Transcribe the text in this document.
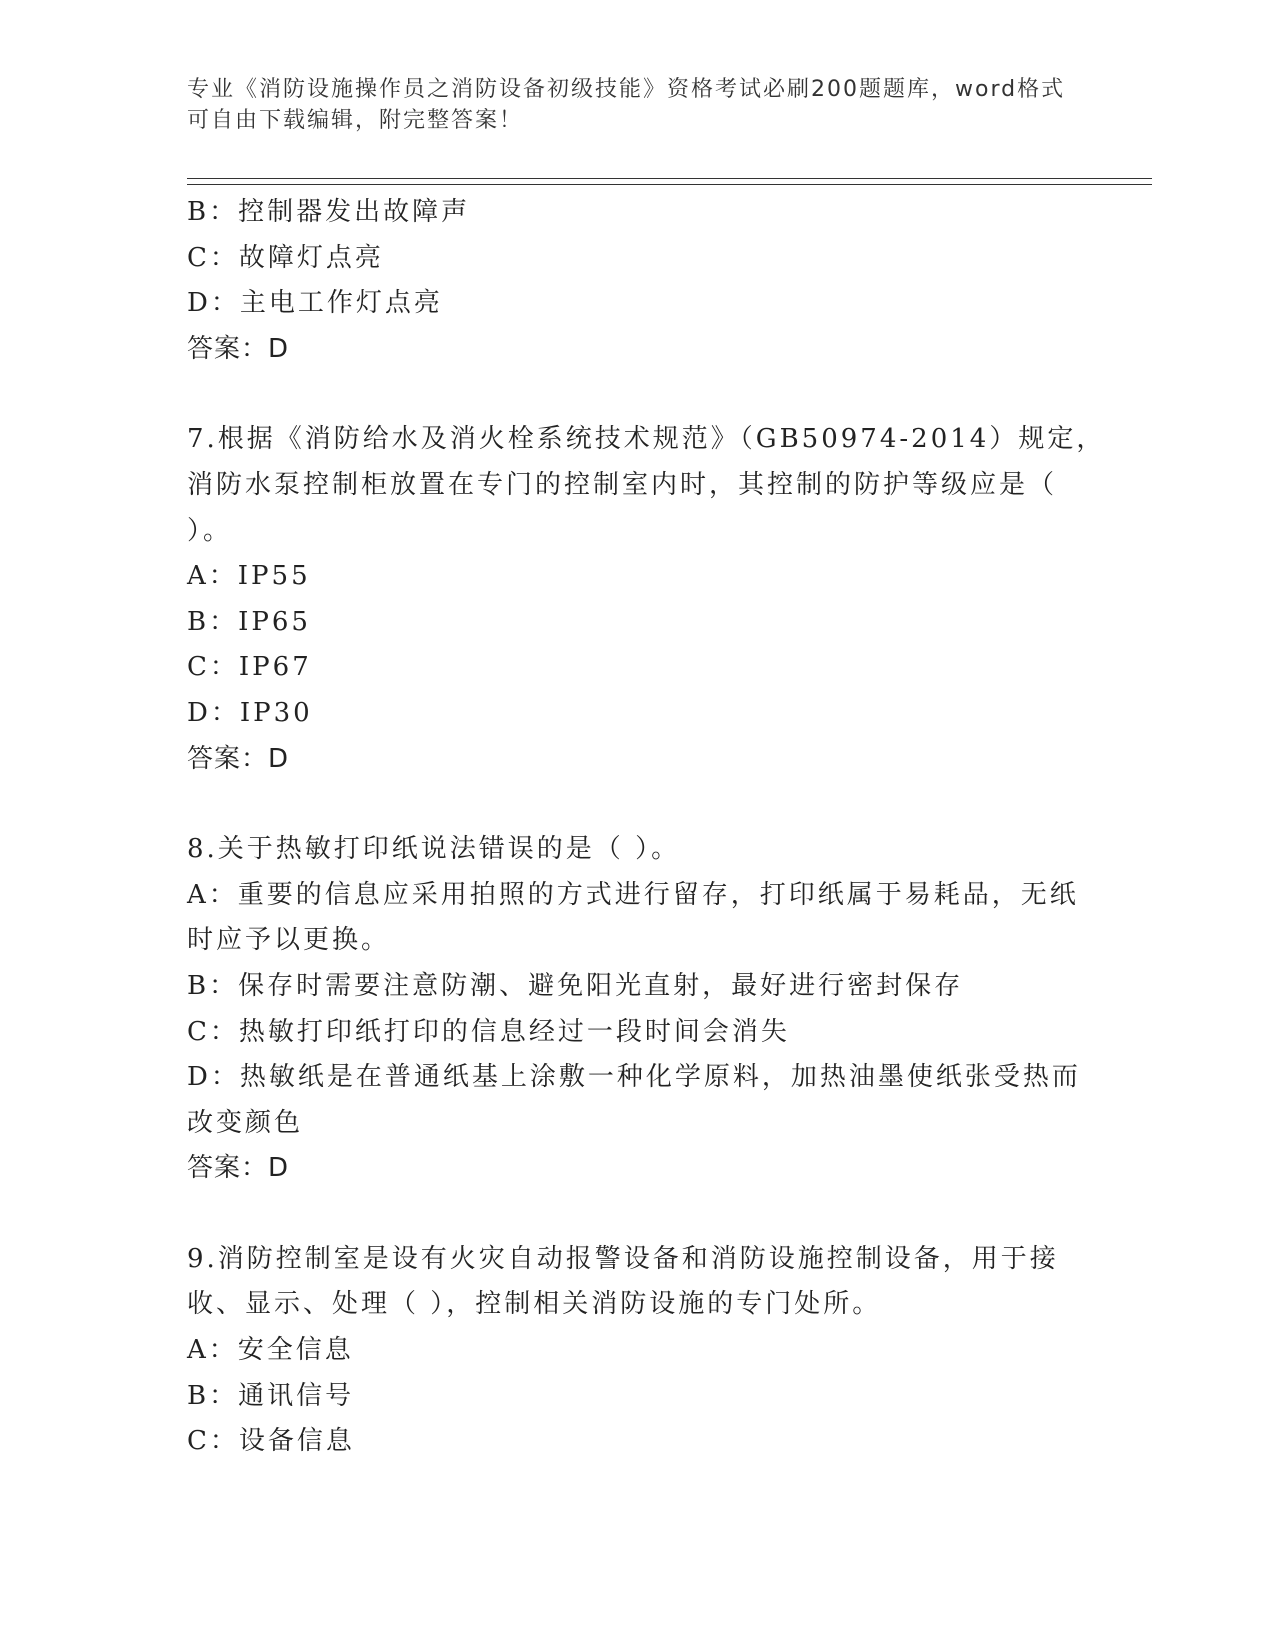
专业《消防设施操作员之消防设备初级技能》资格考试必刷200题题库，word格式可自由下载编辑，附完整答案！
B：控制器发出故障声
C：故障灯点亮
D：主电工作灯点亮
答案：D
7.根据《消防给水及消火栓系统技术规范》（GB50974-2014）规定，
消防水泵控制柜放置在专门的控制室内时，其控制的防护等级应是（
）。
A：IP55
B：IP65
C：IP67
D：IP30
答案：D
8.关于热敏打印纸说法错误的是（ ）。
A：重要的信息应采用拍照的方式进行留存，打印纸属于易耗品，无纸
时应予以更换。
B：保存时需要注意防潮、避免阳光直射，最好进行密封保存
C：热敏打印纸打印的信息经过一段时间会消失
D：热敏纸是在普通纸基上涂敷一种化学原料，加热油墨使纸张受热而
改变颜色
答案：D
9.消防控制室是设有火灾自动报警设备和消防设施控制设备，用于接
收、显示、处理（ ），控制相关消防设施的专门处所。
A：安全信息
B：通讯信号
C：设备信息
